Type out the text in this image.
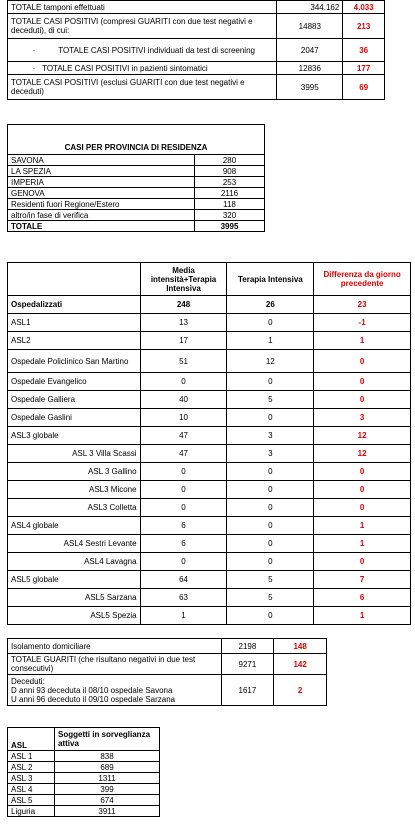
TOTALE tamponi effettuati	344.162	4.033
TOTALE CASI POSITIVI (compresi GUARITI con due test negativi e deceduti), di cui:	14883	213

· TOTALE CASI POSITIVI individuati da test di screening	2047	36
· TOTALE CASI POSITIVI in pazienti sintomatici	12836	177
TOTALE CASI POSITIVI (esclusi GUARITI con due test negativi e deceduti)	3995	69
CASI PER PROVINCIA DI RESIDENZA	
SAVONA	280
LA SPEZIA	908
IMPERIA	253
GENOVA	2116
Residenti fuori Regione/Estero	118
altro/in fase di verifica	320
TOTALE	3995
	Media intensità+Terapia Intensiva	Terapia Intensiva	Differenza da giorno precedente
Ospedalizzati	248	26	23
ASL1	13	0	-1
ASL2	17	1	1
Ospedale Policlinico San Martino	51	12	0
Ospedale Evangelico	0	0	0
Ospedale Galliera	40	5	0
Ospedale Gaslini	10	0	3
ASL3 globale	47	3	12
ASL 3 Villa Scassi	47	3	12
ASL 3 Gallino	0	0	0
ASL3 Micone	0	0	0
ASL3 Colletta	0	0	0
ASL4 globale	6	0	1
ASL4 Sestri Levante	6	0	1
ASL4 Lavagna	0	0	0
ASL5 globale	64	5	7
ASL5 Sarzana	63	5	6
ASL5 Spezia	1	0	1
Isolamento domiciliare	2198	148
TOTALE GUARITI (che risultano negativi in due test consecutivi)	9271	142

Deceduti:
D anni 93 deceduta il 08/10 ospedale Savona
U anni 96 deceduto il 09/10 ospedale Sarzana	1617	2
ASL	Soggetti in sorveglianza attiva
ASL 1	838
ASL 2	689
ASL 3	1311
ASL 4	399
ASL 5	674
Liguria	3911
